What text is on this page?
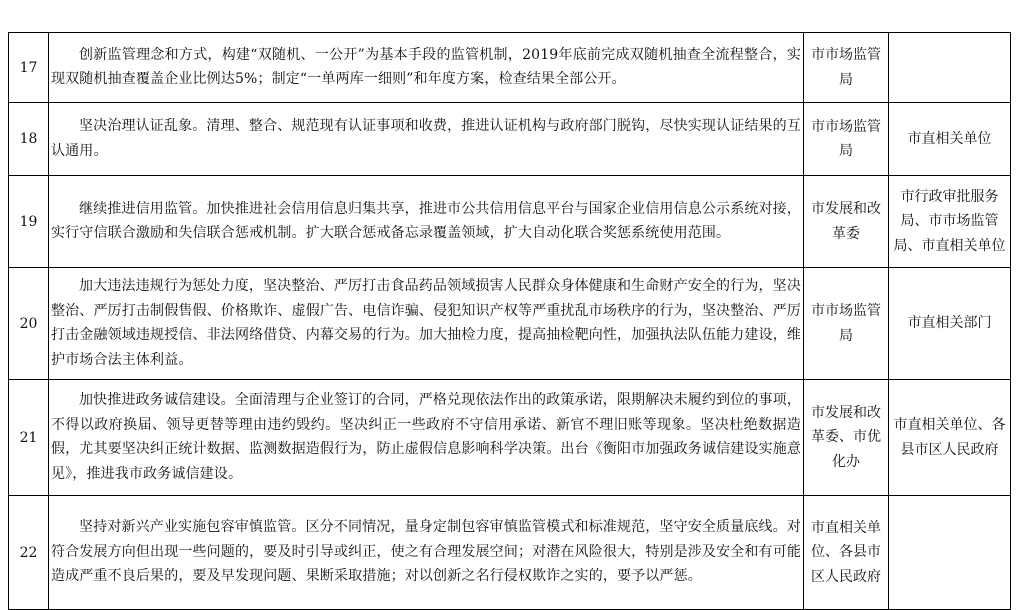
17	创新监管理念和方式，构建“双随机、一公开”为基本手段的监管机制，2019年底前完成双随机抽查全流程整合，实现双随机抽查覆盖企业比例达5%；制定“一单两库一细则”和年度方案，检查结果全部公开。	市市场监管局	
18	坚决治理认证乱象。清理、整合、规范现有认证事项和收费，推进认证机构与政府部门脱钩，尽快实现认证结果的互认通用。	市市场监管局	市直相关单位
19	继续推进信用监管。加快推进社会信用信息归集共享，推进市公共信用信息平台与国家企业信用信息公示系统对接，实行守信联合激励和失信联合惩戒机制。扩大联合惩戒备忘录覆盖领域，扩大自动化联合奖惩系统使用范围。	市发展和改革委	市行政审批服务局、市市场监管局、市直相关单位
20	加大违法违规行为惩处力度，坚决整治、严厉打击食品药品领域损害人民群众身体健康和生命财产安全的行为，坚决整治、严厉打击制假售假、价格欺诈、虚假广告、电信诈骗、侵犯知识产权等严重扰乱市场秩序的行为，坚决整治、严厉打击金融领域违规授信、非法网络借贷、内幕交易的行为。加大抽检力度，提高抽检靶向性，加强执法队伍能力建设，维护市场合法主体利益。	市市场监管局	市直相关部门
21	加快推进政务诚信建设。全面清理与企业签订的合同，严格兑现依法作出的政策承诺，限期解决未履约到位的事项，不得以政府换届、领导更替等理由违约毁约。坚决纠正一些政府不守信用承诺、新官不理旧账等现象。坚决杜绝数据造假，尤其要坚决纠正统计数据、监测数据造假行为，防止虚假信息影响科学决策。出台《衡阳市加强政务诚信建设实施意见》，推进我市政务诚信建设。	市发展和改革委、市优化办	市直相关单位、各县市区人民政府
22	坚持对新兴产业实施包容审慎监管。区分不同情况，量身定制包容审慎监管模式和标准规范，坚守安全质量底线。对符合发展方向但出现一些问题的，要及时引导或纠正，使之有合理发展空间；对潜在风险很大，特别是涉及安全和有可能造成严重不良后果的，要及早发现问题、果断采取措施；对以创新之名行侵权欺诈之实的，要予以严惩。	市直相关单位、各县市区人民政府	
